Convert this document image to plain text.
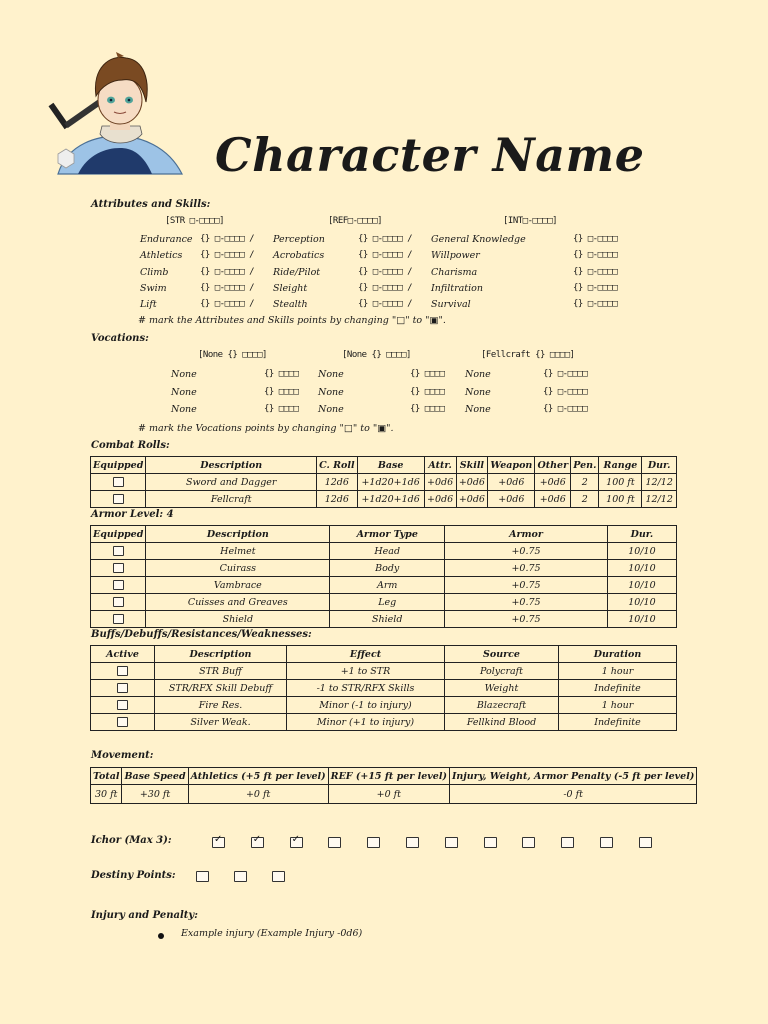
Character Name
Attributes and Skills:
[STR □-□□□□]	[REF□-□□□□]	[INT□-□□□□]
Endurance {} □-□□□□ / Perception	{} □-□□□□ / General Knowledge	{} □-□□□□
Athletics {} □-□□□□ / Acrobatics	{} □-□□□□ / Willpower	{} □-□□□□
Climb	{} □-□□□□ / Ride/Pilot	{} □-□□□□ / Charisma	{} □-□□□□
Swim	{} □-□□□□ / Sleight	{} □-□□□□ / Infiltration	{} □-□□□□
Lift	{} □-□□□□ / Stealth	{} □-□□□□ / Survival	{} □-□□□□
# mark the Attributes and Skills points by changing "□" to "▣".
Vocations:
[None {} □□□□]	[None {} □□□□]	[Fellcraft {} □□□□]
None	{} □□□□ None	{} □□□□ None	{} □-□□□□
None	{} □□□□ None	{} □□□□ None	{} □-□□□□
None	{} □□□□ None	{} □□□□ None	{} □-□□□□
# mark the Vocations points by changing "□" to "▣".
Combat Rolls:
Equipped	Description	C. Roll	Base	Attr.	Skill	Weapon	Other	Pen.	Range	Dur.
	Sword and Dagger	12d6	+1d20+1d6	+0d6	+0d6	+0d6	+0d6	2	100 ft	12/12
	Fellcraft	12d6	+1d20+1d6	+0d6	+0d6	+0d6	+0d6	2	100 ft	12/12
Armor Level: 4
Equipped	Description	Armor Type	Armor	Dur.
	Helmet	Head	+0.75	10/10
	Cuirass	Body	+0.75	10/10
	Vambrace	Arm	+0.75	10/10
	Cuisses and Greaves	Leg	+0.75	10/10
	Shield	Shield	+0.75	10/10
Buffs/Debuffs/Resistances/Weaknesses:
Active	Description	Effect	Source	Duration
	STR Buff	+1 to STR	Polycraft	1 hour
	STR/RFX Skill Debuff	-1 to STR/RFX Skills	Weight	Indefinite
	Fire Res.	Minor (-1 to injury)	Blazecraft	1 hour
	Silver Weak.	Minor (+1 to injury)	Fellkind Blood	Indefinite
Movement:
Total	Base Speed	Athletics (+5 ft per level)	REF (+15 ft per level)	Injury, Weight, Armor Penalty (-5 ft per level)
30 ft	+30 ft	+0 ft	+0 ft	-0 ft
Ichor (Max 3):
✓
✓
✓
Destiny Points:
Injury and Penalty:
Example injury (Example Injury -0d6)
